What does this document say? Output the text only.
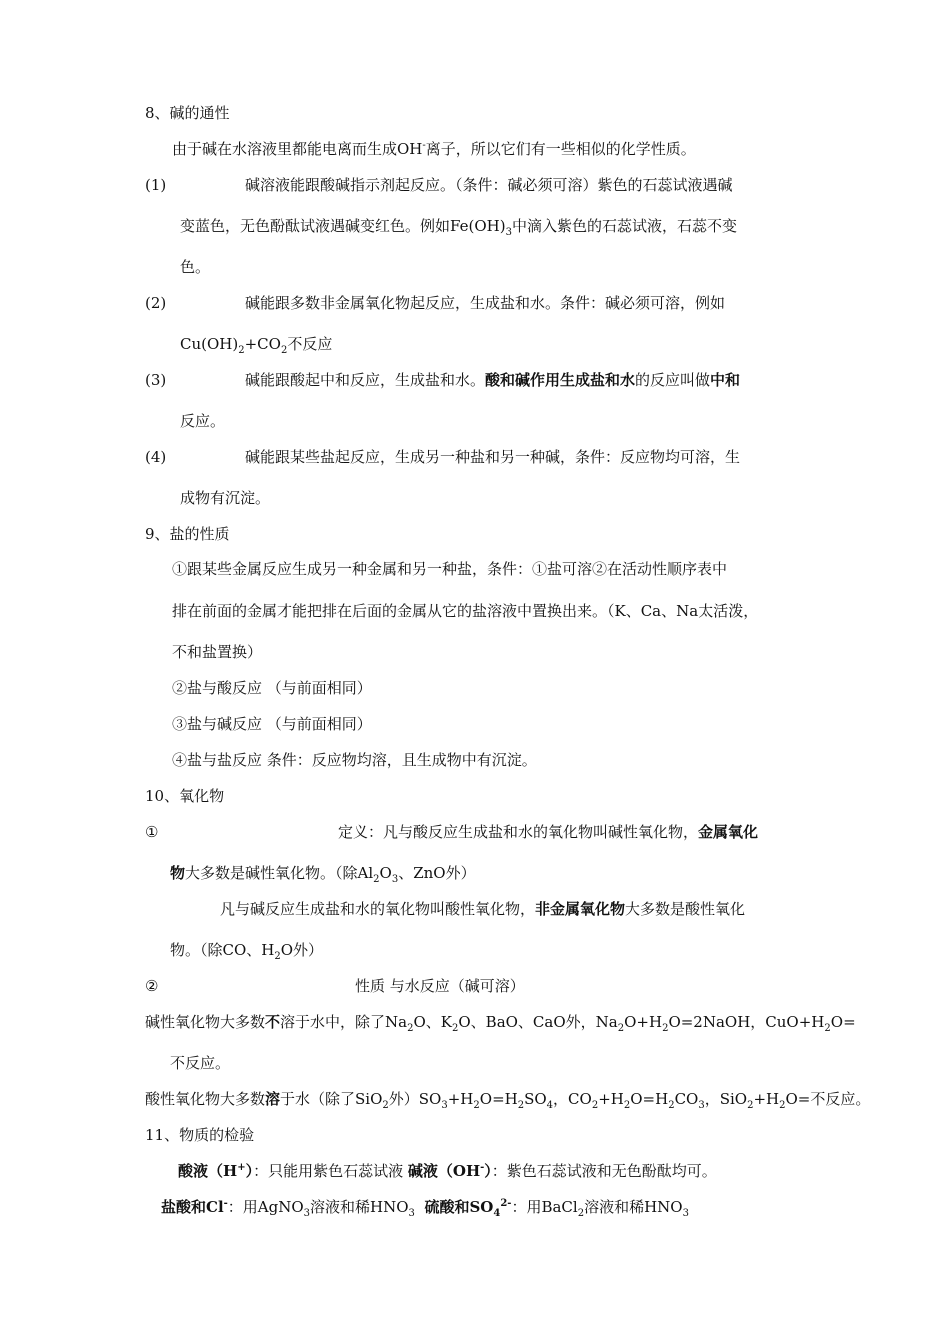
8、碱的通性
由于碱在水溶液里都能电离而生成OH-离子，所以它们有一些相似的化学性质。
(1)	碱溶液能跟酸碱指示剂起反应。（条件：碱必须可溶）紫色的石蕊试液遇碱
变蓝色，无色酚酞试液遇碱变红色。例如$Fe(OH)_3$中滴入紫色的石蕊试液，石蕊不变
色。
(2)	碱能跟多数非金属氧化物起反应，生成盐和水。条件：碱必须可溶，例如
$Cu(OH)_2+CO_2$不反应
(3)	碱能跟酸起中和反应，生成盐和水。酸和碱作用生成盐和水的反应叫做中和
反应。
(4)	碱能跟某些盐起反应，生成另一种盐和另一种碱，条件：反应物均可溶，生
成物有沉淀。
9、盐的性质
①跟某些金属反应生成另一种金属和另一种盐，条件：①盐可溶②在活动性顺序表中
排在前面的金属才能把排在后面的金属从它的盐溶液中置换出来。（K、Ca、Na太活泼，
不和盐置换）
②盐与酸反应 （与前面相同）
③盐与碱反应 （与前面相同）
④盐与盐反应 条件：反应物均溶，且生成物中有沉淀。
10、氧化物
①	定义：凡与酸反应生成盐和水的氧化物叫碱性氧化物，金属氧化
物大多数是碱性氧化物。（除$Al_2O_3$、ZnO外）
凡与碱反应生成盐和水的氧化物叫酸性氧化物，非金属氧化物大多数是酸性氧化
物。（除CO、$H_2O$外）
②	性质 与水反应（碱可溶）
碱性氧化物大多数不溶于水中，除了$Na_2O$、$K_2O$、BaO、CaO外，$Na_2O+H_2O=2NaOH$，$CuO+H_2O=$
不反应。
酸性氧化物大多数溶于水（除了SiO$_2$外）$SO_3+H_2O=H_2SO_4$，$CO_2+H_2O=H_2CO_3$，$SiO_2+H_2O=$不反应。
11、物质的检验
酸液（H+）：只能用紫色石蕊试液 碱液（OH-）：紫色石蕊试液和无色酚酞均可。
盐酸和Cl-：用AgNO$_3$溶液和稀$HNO_3$ 硫酸和$SO_4^{2-}$：用BaCl$_2$溶液和稀$HNO_3$
